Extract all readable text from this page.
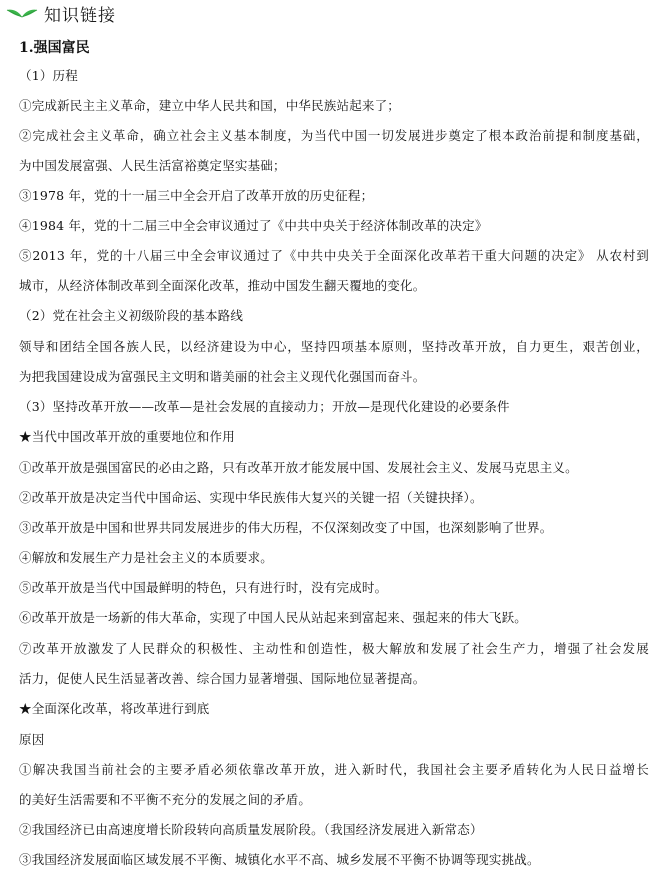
知识链接
1.强国富民
（1）历程
①完成新民主主义革命，建立中华人民共和国，中华民族站起来了；
②完成社会主义革命，确立社会主义基本制度，为当代中国一切发展进步奠定了根本政治前提和制度基础，
为中国发展富强、人民生活富裕奠定坚实基础；
③1978 年，党的十一届三中全会开启了改革开放的历史征程；
④1984 年，党的十二届三中全会审议通过了《中共中央关于经济体制改革的决定》
⑤2013 年，党的十八届三中全会审议通过了《中共中央关于全面深化改革若干重大问题的决定》 从农村到
城市，从经济体制改革到全面深化改革，推动中国发生翻天覆地的变化。
（2）党在社会主义初级阶段的基本路线
领导和团结全国各族人民，以经济建设为中心，坚持四项基本原则，坚持改革开放，自力更生，艰苦创业，
为把我国建设成为富强民主文明和谐美丽的社会主义现代化强国而奋斗。
（3）坚持改革开放——改革—是社会发展的直接动力；开放—是现代化建设的必要条件
★当代中国改革开放的重要地位和作用
①改革开放是强国富民的必由之路，只有改革开放才能发展中国、发展社会主义、发展马克思主义。
②改革开放是决定当代中国命运、实现中华民族伟大复兴的关键一招（关键抉择）。
③改革开放是中国和世界共同发展进步的伟大历程，不仅深刻改变了中国，也深刻影响了世界。
④解放和发展生产力是社会主义的本质要求。
⑤改革开放是当代中国最鲜明的特色，只有进行时，没有完成时。
⑥改革开放是一场新的伟大革命，实现了中国人民从站起来到富起来、强起来的伟大飞跃。
⑦改革开放激发了人民群众的积极性、主动性和创造性，极大解放和发展了社会生产力，增强了社会发展
活力，促使人民生活显著改善、综合国力显著增强、国际地位显著提高。
★全面深化改革，将改革进行到底
原因
①解决我国当前社会的主要矛盾必须依靠改革开放，进入新时代，我国社会主要矛盾转化为人民日益增长
的美好生活需要和不平衡不充分的发展之间的矛盾。
②我国经济已由高速度增长阶段转向高质量发展阶段。（我国经济发展进入新常态）
③我国经济发展面临区域发展不平衡、城镇化水平不高、城乡发展不平衡不协调等现实挑战。
